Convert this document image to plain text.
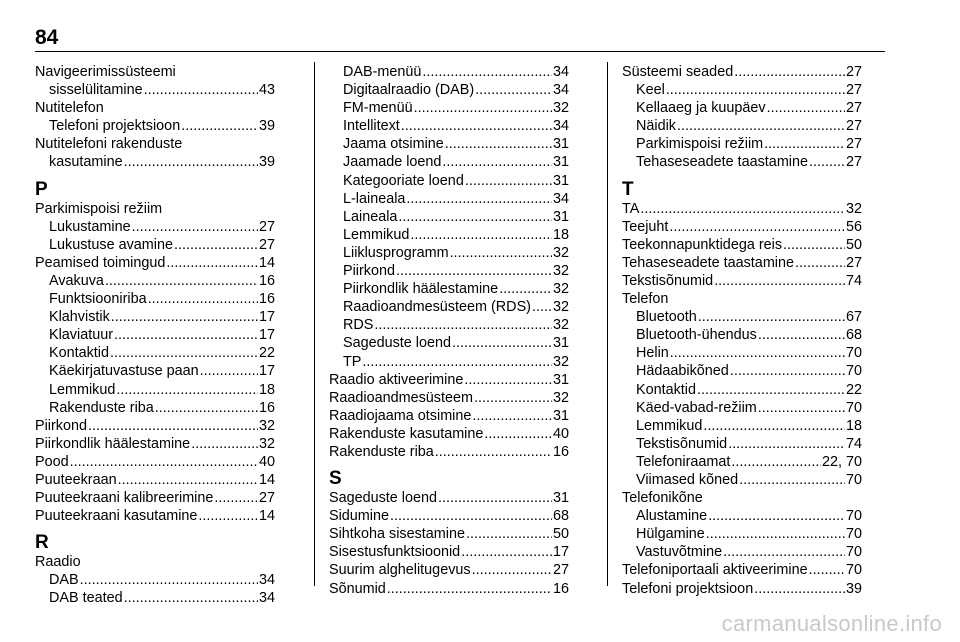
84
Navigeerimissüsteemi
sisselülitamine .....	43
Nutitelefon
Telefoni projektsioon .....	39
Nutitelefoni rakenduste
kasutamine .....	39
P
Parkimispoisi režiim
Lukustamine .....	27
Lukustuse avamine .....	27
Peamised toimingud .....	14
Avakuva .....	16
Funktsiooniriba .....	16
Klahvistik .....	17
Klaviatuur .....	17
Kontaktid .....	22
Käekirjatuvastuse paan .....	17
Lemmikud .....	18
Rakenduste riba .....	16
Piirkond .....	32
Piirkondlik häälestamine .....	32
Pood .....	40
Puuteekraan .....	14
Puuteekraani kalibreerimine .....	27
Puuteekraani kasutamine .....	14
R
Raadio
DAB .....	34
DAB teated .....	34
DAB-menüü .....	34
Digitaalraadio (DAB) .....	34
FM-menüü .....	32
Intellitext .....	34
Jaama otsimine .....	31
Jaamade loend .....	31
Kategooriate loend .....	31
L-laineala .....	34
Laineala .....	31
Lemmikud .....	18
Liiklusprogramm .....	32
Piirkond .....	32
Piirkondlik häälestamine .....	32
Raadioandmesüsteem (RDS) ..... 32
RDS .....	32
Sageduste loend .....	31
TP .....	32
Raadio aktiveerimine .....	31
Raadioandmesüsteem .....	32
Raadiojaama otsimine .....	31
Rakenduste kasutamine .....	40
Rakenduste riba .....	16
S
Sageduste loend .....	31
Sidumine .....	68
Sihtkoha sisestamine .....	50
Sisestusfunktsioonid .....	17
Suurim alghelitugevus .....	27
Sõnumid .....	16
Süsteemi seaded .....	27
Keel .....	27
Kellaaeg ja kuupäev .....	27
Näidik .....	27
Parkimispoisi režiim .....	27
Tehaseseadete taastamine .....	27
T
TA .....	32
Teejuht .....	56
Teekonnapunktidega reis .....	50
Tehaseseadete taastamine .....	27
Tekstisõnumid .....	74
Telefon
Bluetooth .....	67
Bluetooth-ühendus .....	68
Helin .....	70
Hädaabikõned .....	70
Kontaktid .....	22
Käed-vabad-režiim .....	70
Lemmikud .....	18
Tekstisõnumid .....	74
Telefoniraamat .....	22, 70
Viimased kõned .....	70
Telefonikõne
Alustamine .....	70
Hülgamine .....	70
Vastuvõtmine .....	70
Telefoniportaali aktiveerimine .....	70
Telefoni projektsioon .....	39
carmanualsonline.info
